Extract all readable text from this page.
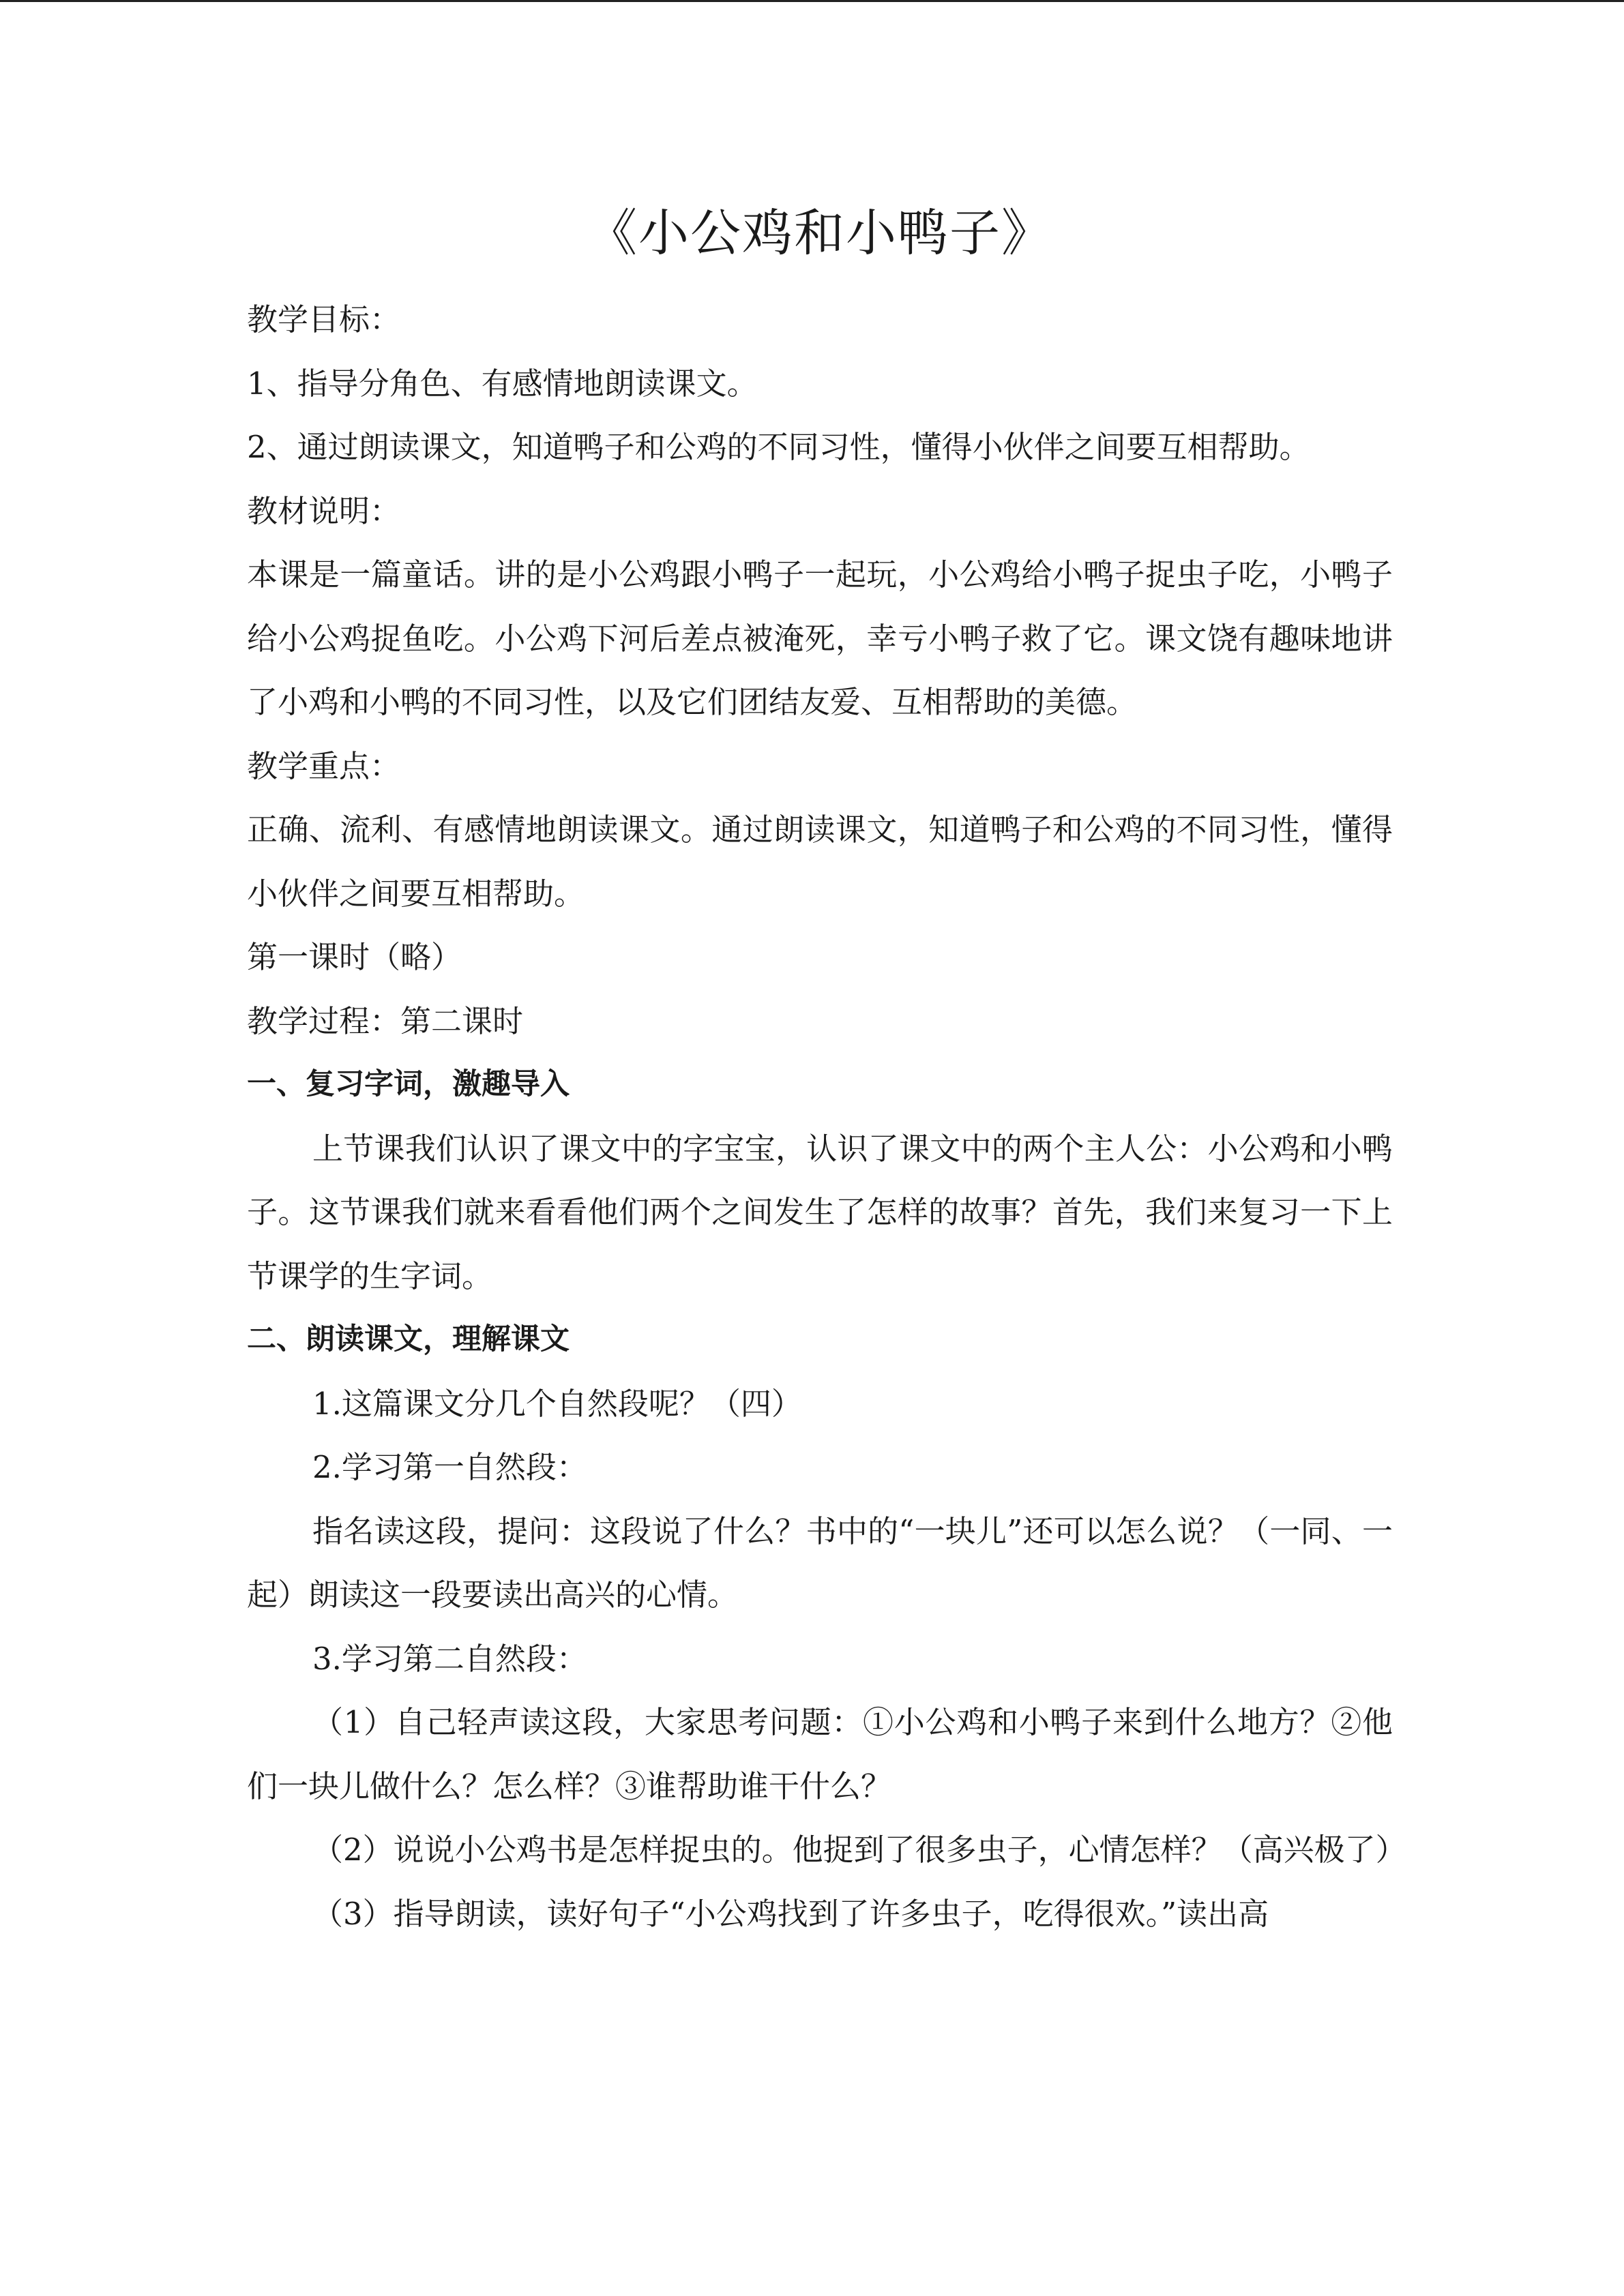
《小公鸡和小鸭子》

教学目标：

1、指导分角色、有感情地朗读课文。

2、通过朗读课文，知道鸭子和公鸡的不同习性，懂得小伙伴之间要互相帮助。

教材说明：

本课是一篇童话。讲的是小公鸡跟小鸭子一起玩，小公鸡给小鸭子捉虫子吃，小鸭子给小公鸡捉鱼吃。小公鸡下河后差点被淹死，幸亏小鸭子救了它。课文饶有趣味地讲了小鸡和小鸭的不同习性，以及它们团结友爱、互相帮助的美德。

教学重点：

正确、流利、有感情地朗读课文。通过朗读课文，知道鸭子和公鸡的不同习性，懂得小伙伴之间要互相帮助。

第一课时（略）

教学过程：第二课时

一、复习字词，激趣导入

上节课我们认识了课文中的字宝宝，认识了课文中的两个主人公：小公鸡和小鸭子。这节课我们就来看看他们两个之间发生了怎样的故事？首先，我们来复习一下上节课学的生字词。

二、朗读课文，理解课文

1.这篇课文分几个自然段呢？（四）

2.学习第一自然段：

指名读这段，提问：这段说了什么？书中的“一块儿”还可以怎么说？（一同、一起）朗读这一段要读出高兴的心情。

3.学习第二自然段：

（1）自己轻声读这段，大家思考问题：①小公鸡和小鸭子来到什么地方？②他们一块儿做什么？怎么样？③谁帮助谁干什么？

（2）说说小公鸡书是怎样捉虫的。他捉到了很多虫子，心情怎样？（高兴极了）

（3）指导朗读，读好句子“小公鸡找到了许多虫子，吃得很欢。”读出高
